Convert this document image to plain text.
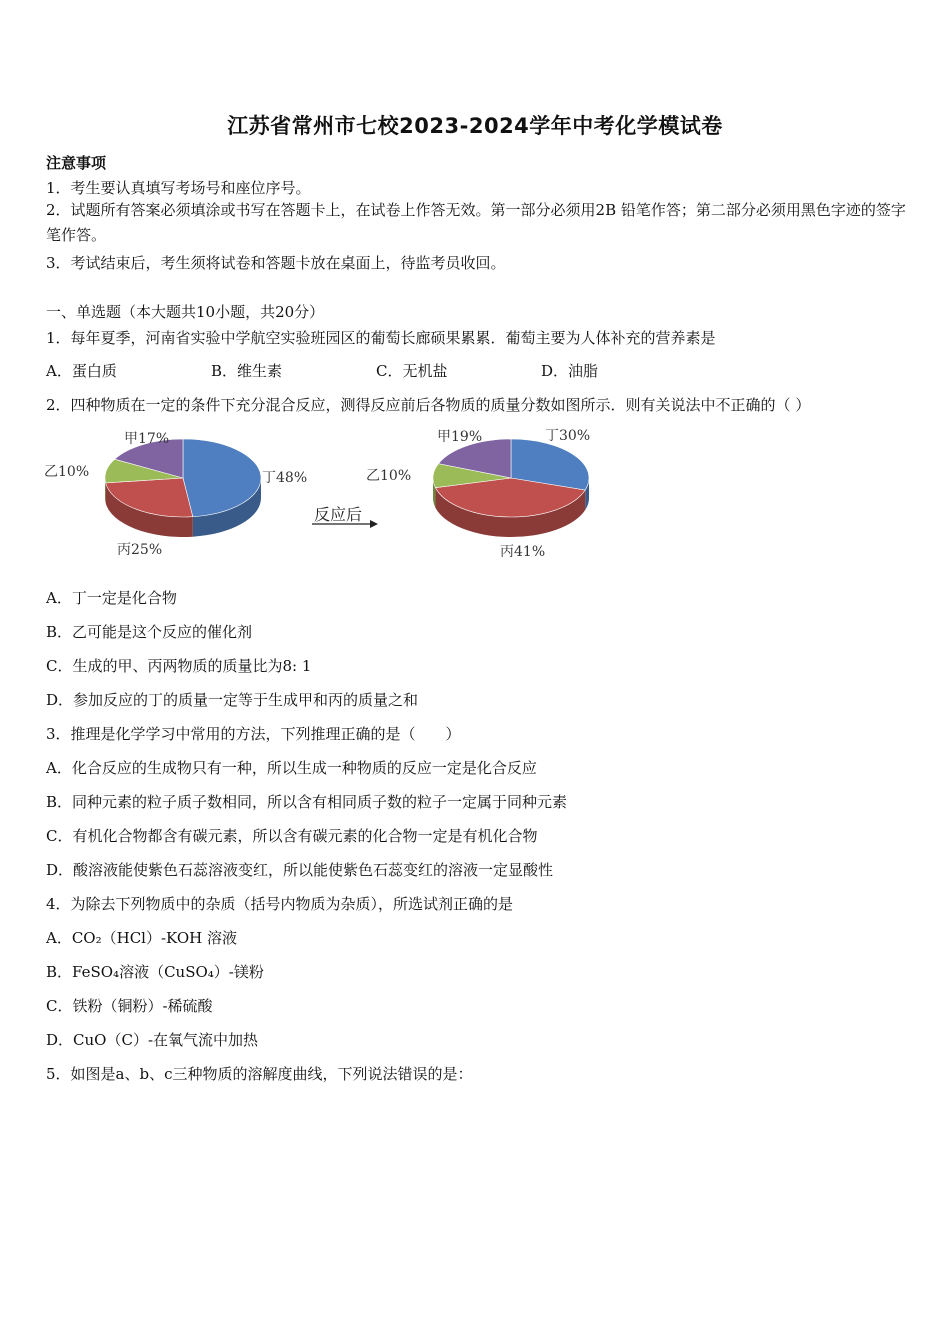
江苏省常州市七校2023-2024学年中考化学模试卷
注意事项
1．考生要认真填写考场号和座位序号。
2．试题所有答案必须填涂或书写在答题卡上，在试卷上作答无效。第一部分必须用2B 铅笔作答；第二部分必须用黑色字迹的签字笔作答。
3．考试结束后，考生须将试卷和答题卡放在桌面上，待监考员收回。
一、单选题（本大题共10小题，共20分）
1．每年夏季，河南省实验中学航空实验班园区的葡萄长廊硕果累累．葡萄主要为人体补充的营养素是
A．蛋白质	B．维生素	C．无机盐	D．油脂
2．四种物质在一定的条件下充分混合反应，测得反应前后各物质的质量分数如图所示．则有关说法中不正确的（ ）
丁48%
丙25%
乙10%
甲17%	丁30%
丙41%
乙10%
甲19%
反应后
A．丁一定是化合物
B．乙可能是这个反应的催化剂
C．生成的甲、丙两物质的质量比为8: 1
D．参加反应的丁的质量一定等于生成甲和丙的质量之和
3．推理是化学学习中常用的方法，下列推理正确的是（　　）
A．化合反应的生成物只有一种，所以生成一种物质的反应一定是化合反应
B．同种元素的粒子质子数相同，所以含有相同质子数的粒子一定属于同种元素
C．有机化合物都含有碳元素，所以含有碳元素的化合物一定是有机化合物
D．酸溶液能使紫色石蕊溶液变红，所以能使紫色石蕊变红的溶液一定显酸性
4．为除去下列物质中的杂质（括号内物质为杂质），所选试剂正确的是
A．CO₂（HCl）-KOH 溶液
B．FeSO₄溶液（CuSO₄）-镁粉
C．铁粉（铜粉）-稀硫酸
D．CuO（C）-在氧气流中加热
5．如图是a、b、c三种物质的溶解度曲线，下列说法错误的是：
